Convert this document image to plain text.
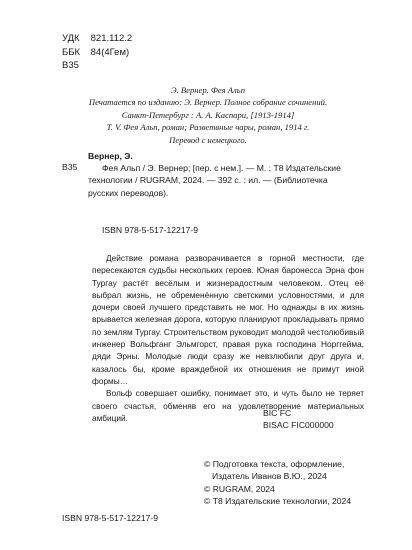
УДК 821.112.2
ББК 84(4Гем)
В35
Э. Вернер. Фея Альп
Печатается по изданию: Э. Вернер. Полное собрание сочинений.
Санкт-Петербург : А. А. Каспари, [1913-1914]
T. V. Фея Альп, роман; Разветвные чары, роман, 1914 г.
Перевод с немецкого.
В35
Вернер, Э.
Фея Альп / Э. Вернер; [пер. с нем.]. — М. : Т8 Издательские технологии / RUGRAM, 2024. — 392 с. : ил. — (Библиотечка русских переводов).
ISBN 978-5-517-12217-9

Действие романа разворачивается в горной местности, где пересекаются судьбы нескольких героев. Юная баронесса Эрна фон Тургау растёт весёлым и жизнерадостным человеком. Отец её выбрал жизнь, не обременённую светскими условностями, и для дочери своей лучшего представить не мог. Но однажды в их жизнь врывается железная дорога, которую планируют прокладывать прямо по землям Тургау. Строительством руководит молодой честолюбивый инженер Вольфганг Эльмгорст, правая рука господина Норггейма, дяди Эрны. Молодые люди сразу же невзлюбили друг друга и, казалось бы, кроме враждебной их отношения не примут иной формы…

Вольф совершает ошибку, понимает это, и чуть было не теряет своего счастья, обменяв его на удовлетворение материальных амбиций.	BIC FC
BISAC FIC000000
© Подготовка текста, оформление,
Издатель Иванов В.Ю., 2024
© RUGRAM, 2024
© Т8 Издательские технологии, 2024
ISBN 978-5-517-12217-9
